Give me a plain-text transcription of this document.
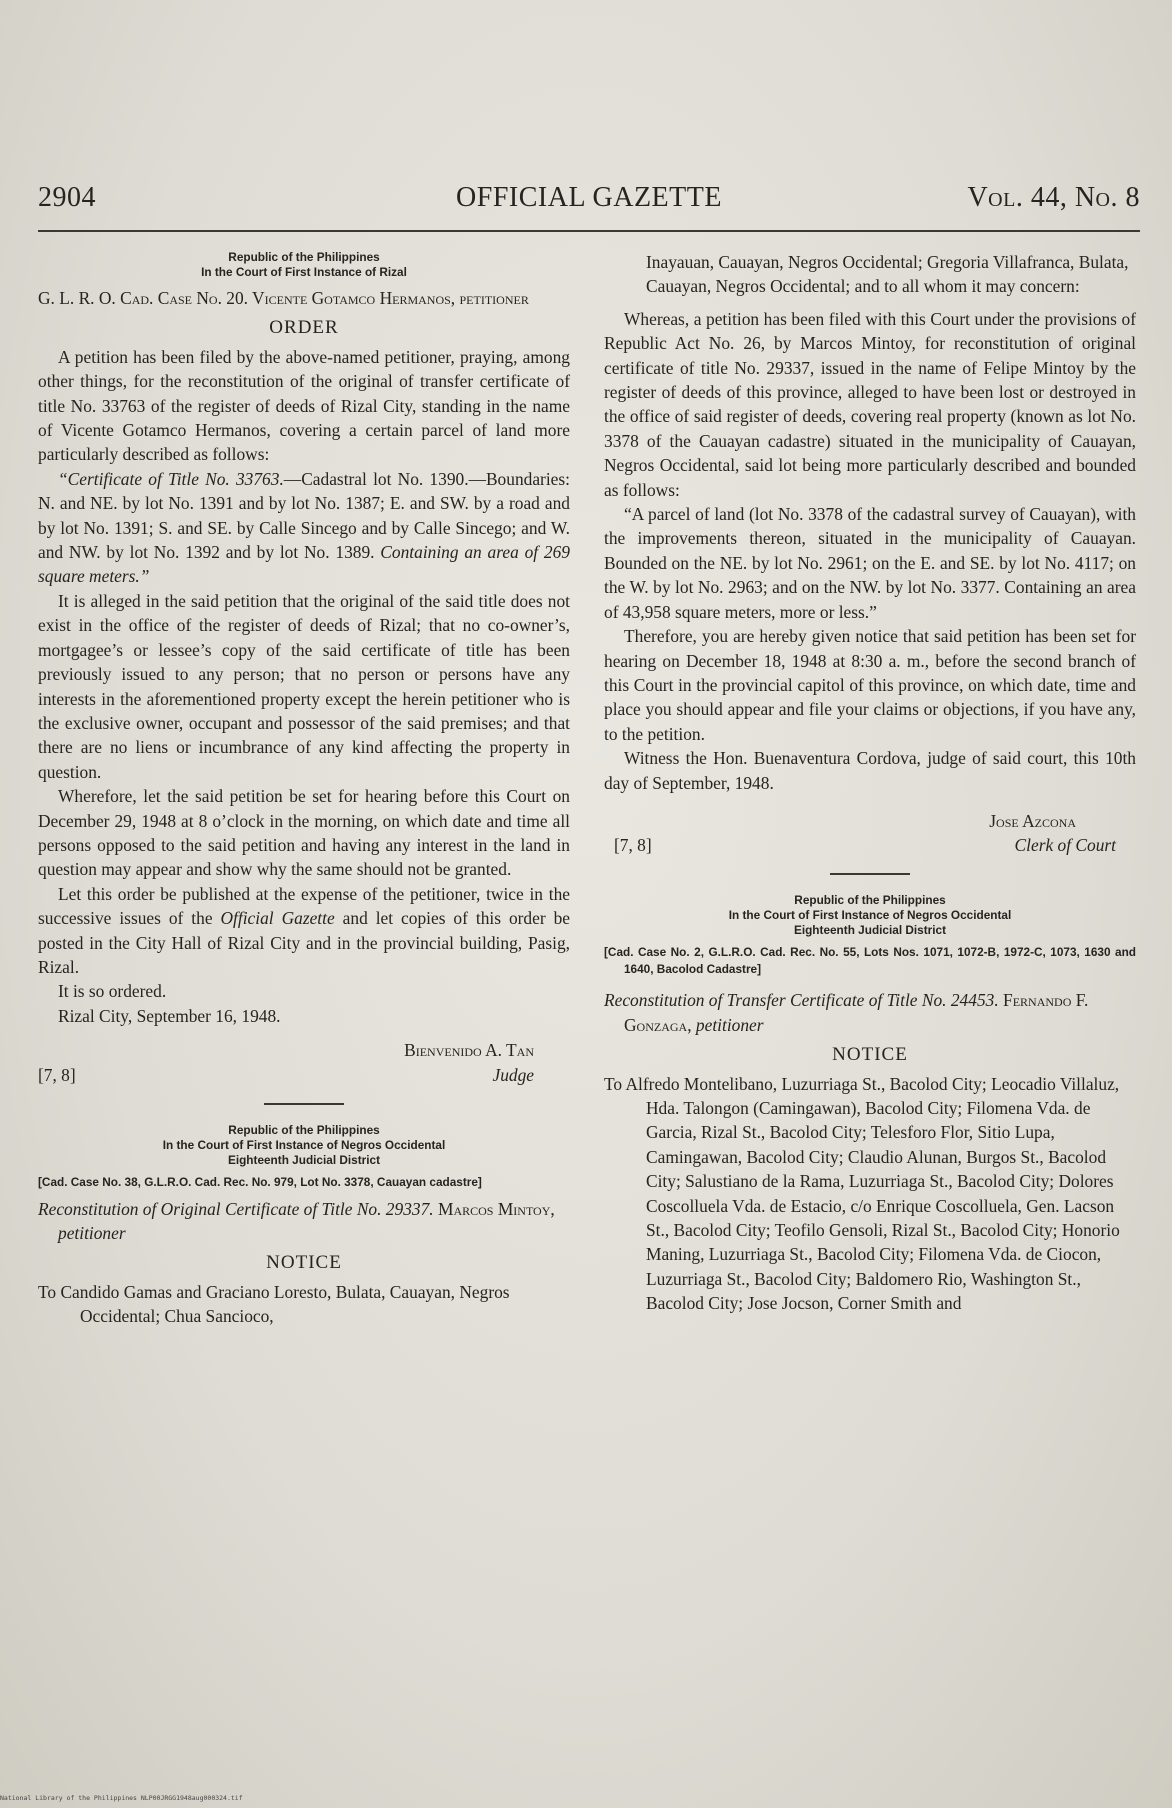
2904	OFFICIAL GAZETTE	Vol. 44, No. 8
Republic of the Philippines
In the Court of First Instance of Rizal

G. L. R. O. Cad. Case No. 20. Vicente Gotamco Hermanos, petitioner

ORDER

A petition has been filed by the above-named petitioner, praying, among other things, for the reconstitution of the original of transfer certificate of title No. 33763 of the register of deeds of Rizal City, standing in the name of Vicente Gotamco Hermanos, covering a certain parcel of land more particularly described as follows:

“Certificate of Title No. 33763.—Cadastral lot No. 1390.—Boundaries: N. and NE. by lot No. 1391 and by lot No. 1387; E. and SW. by a road and by lot No. 1391; S. and SE. by Calle Sincego and by Calle Sincego; and W. and NW. by lot No. 1392 and by lot No. 1389. Containing an area of 269 square meters.”

It is alleged in the said petition that the original of the said title does not exist in the office of the register of deeds of Rizal; that no co-owner’s, mortgagee’s or lessee’s copy of the said certificate of title has been previously issued to any person; that no person or persons have any interests in the aforementioned property except the herein petitioner who is the exclusive owner, occupant and possessor of the said premises; and that there are no liens or incumbrance of any kind affecting the property in question.

Wherefore, let the said petition be set for hearing before this Court on December 29, 1948 at 8 o’clock in the morning, on which date and time all persons opposed to the said petition and having any interest in the land in question may appear and show why the same should not be granted.

Let this order be published at the expense of the petitioner, twice in the successive issues of the Official Gazette and let copies of this order be posted in the City Hall of Rizal City and in the provincial building, Pasig, Rizal.

It is so ordered.

Rizal City, September 16, 1948.

Bienvenido A. Tan
[7, 8]	Judge
Republic of the Philippines
In the Court of First Instance of Negros Occidental
Eighteenth Judicial District
[Cad. Case No. 38, G.L.R.O. Cad. Rec. No. 979, Lot No. 3378, Cauayan cadastre]

Reconstitution of Original Certificate of Title No. 29337. Marcos Mintoy, petitioner

NOTICE

To Candido Gamas and Graciano Loresto, Bulata, Cauayan, Negros Occidental; Chua Sancioco,

Inayauan, Cauayan, Negros Occidental; Gregoria Villafranca, Bulata, Cauayan, Negros Occidental; and to all whom it may concern:

Whereas, a petition has been filed with this Court under the provisions of Republic Act No. 26, by Marcos Mintoy, for reconstitution of original certificate of title No. 29337, issued in the name of Felipe Mintoy by the register of deeds of this province, alleged to have been lost or destroyed in the office of said register of deeds, covering real property (known as lot No. 3378 of the Cauayan cadastre) situated in the municipality of Cauayan, Negros Occidental, said lot being more particularly described and bounded as follows:

“A parcel of land (lot No. 3378 of the cadastral survey of Cauayan), with the improvements thereon, situated in the municipality of Cauayan. Bounded on the NE. by lot No. 2961; on the E. and SE. by lot No. 4117; on the W. by lot No. 2963; and on the NW. by lot No. 3377. Containing an area of 43,958 square meters, more or less.”

Therefore, you are hereby given notice that said petition has been set for hearing on December 18, 1948 at 8:30 a. m., before the second branch of this Court in the provincial capitol of this province, on which date, time and place you should appear and file your claims or objections, if you have any, to the petition.

Witness the Hon. Buenaventura Cordova, judge of said court, this 10th day of September, 1948.

Jose Azcona
[7, 8]	Clerk of Court
Republic of the Philippines
In the Court of First Instance of Negros Occidental
Eighteenth Judicial District
[Cad. Case No. 2, G.L.R.O. Cad. Rec. No. 55, Lots Nos. 1071, 1072-B, 1972-C, 1073, 1630 and 1640, Bacolod Cadastre]

Reconstitution of Transfer Certificate of Title No. 24453. Fernando F. Gonzaga, petitioner

NOTICE

To Alfredo Montelibano, Luzurriaga St., Bacolod City; Leocadio Villaluz, Hda. Talongon (Camingawan), Bacolod City; Filomena Vda. de Garcia, Rizal St., Bacolod City; Telesforo Flor, Sitio Lupa, Camingawan, Bacolod City; Claudio Alunan, Burgos St., Bacolod City; Salustiano de la Rama, Luzurriaga St., Bacolod City; Dolores Coscolluela Vda. de Estacio, c/o Enrique Coscolluela, Gen. Lacson St., Bacolod City; Teofilo Gensoli, Rizal St., Bacolod City; Honorio Maning, Luzurriaga St., Bacolod City; Filomena Vda. de Ciocon, Luzurriaga St., Bacolod City; Baldomero Rio, Washington St., Bacolod City; Jose Jocson, Corner Smith and

National Library of the Philippines NLP00JRGG1948aug000324.tif
